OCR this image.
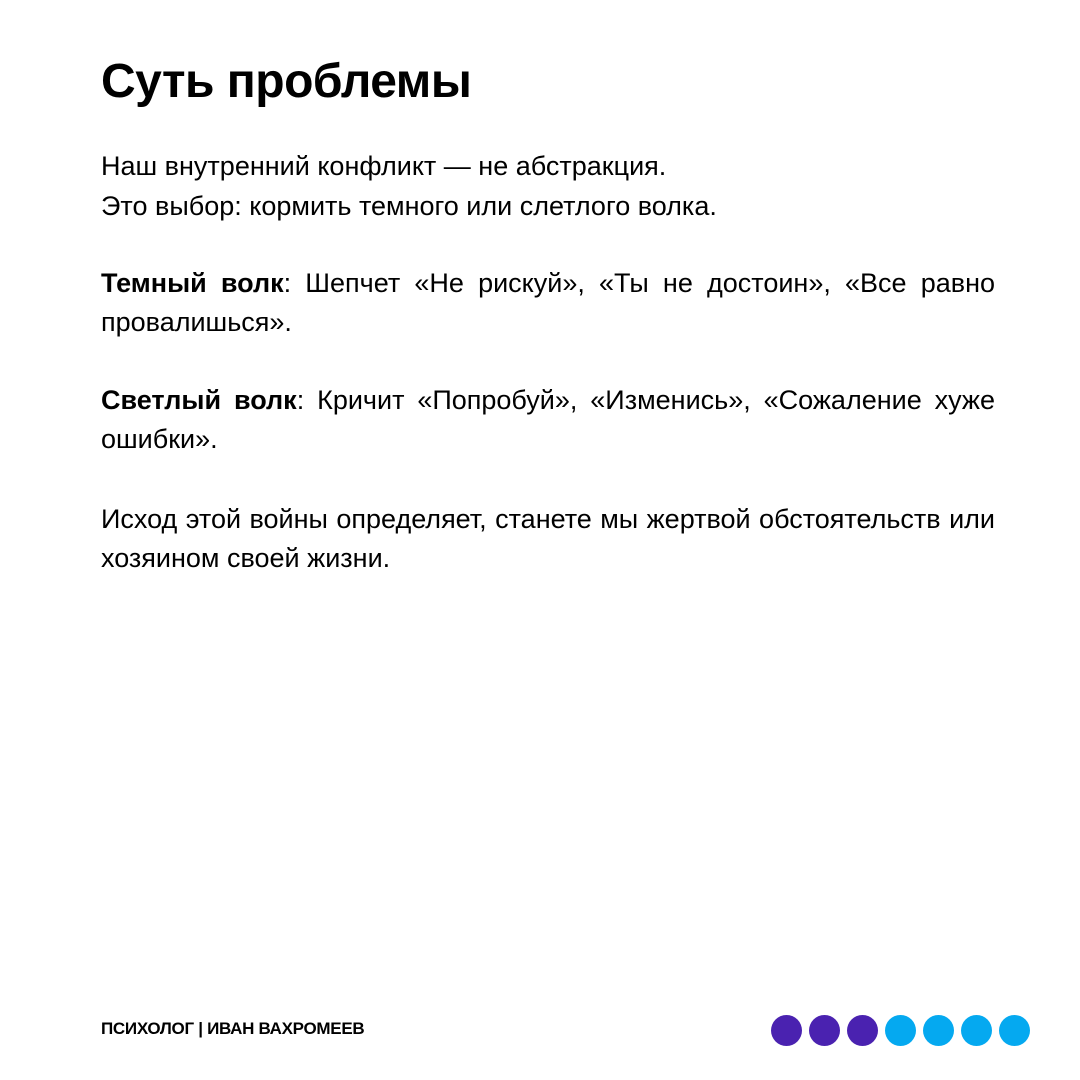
Суть проблемы
Наш внутренний конфликт — не абстракция.
Это выбор: кормить темного или слетлого волка.

Темный волк: Шепчет «Не рискуй», «Ты не достоин», «Все равно провалишься».

Светлый волк: Кричит «Попробуй», «Изменись», «Сожаление хуже ошибки».

Исход этой войны определяет, станете мы жертвой обстоятельств или хозяином своей жизни.

ПСИХОЛОГ | ИВАН ВАХРОМЕЕВ
